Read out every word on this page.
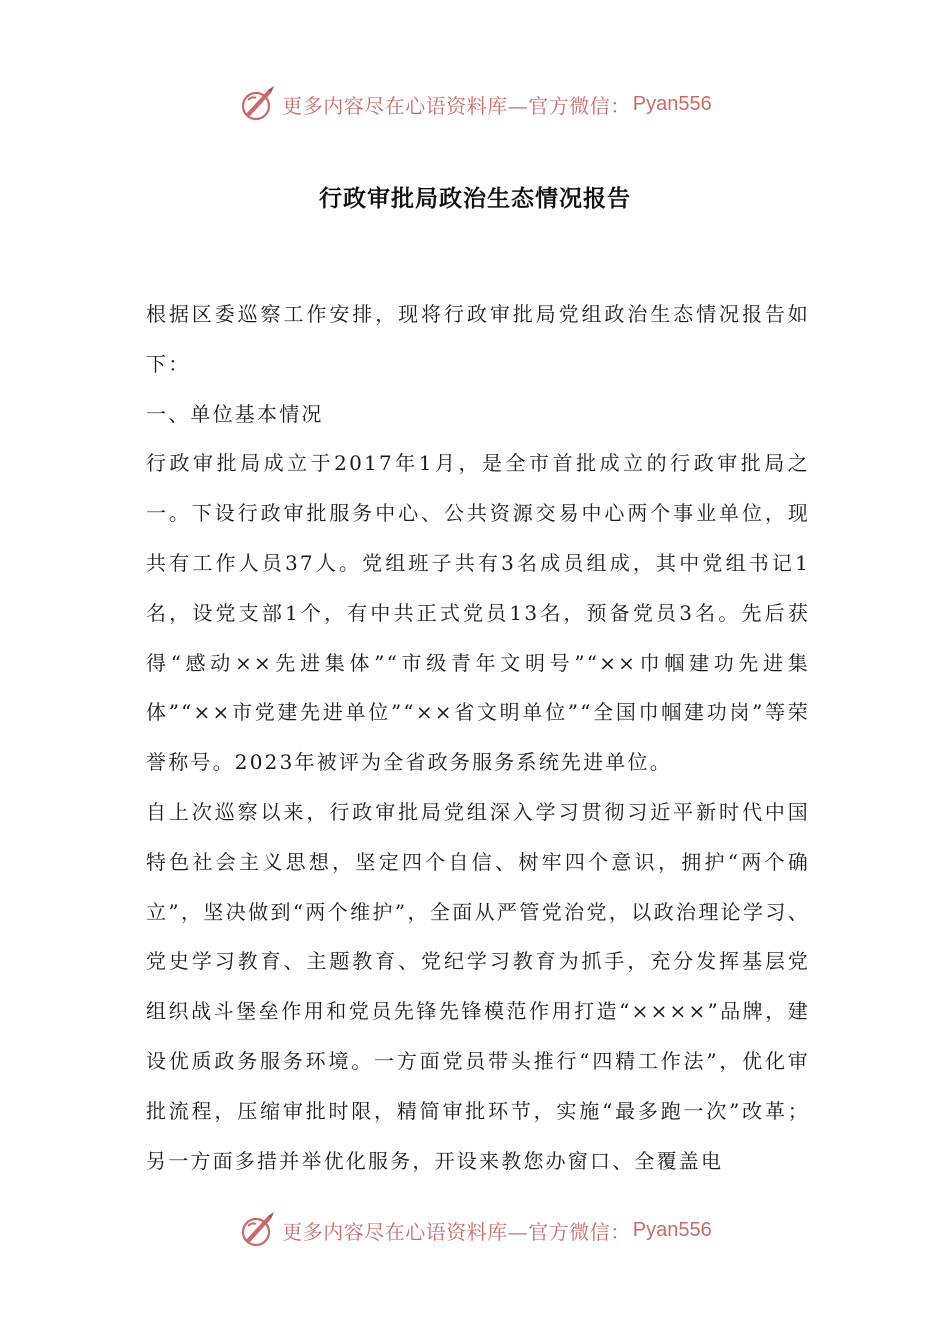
更多内容尽在心语资料库—官方微信： Pyan556
行政审批局政治生态情况报告

根据区委巡察工作安排，现将行政审批局党组政治生态情况报告如下：

一、单位基本情况

行政审批局成立于2017年1月，是全市首批成立的行政审批局之一。下设行政审批服务中心、公共资源交易中心两个事业单位，现共有工作人员37人。党组班子共有3名成员组成，其中党组书记1名，设党支部1个，有中共正式党员13名，预备党员3名。先后获得“感动××先进集体”“市级青年文明号”“××巾帼建功先进集体”“××市党建先进单位”“××省文明单位”“全国巾帼建功岗”等荣誉称号。2023年被评为全省政务服务系统先进单位。

自上次巡察以来，行政审批局党组深入学习贯彻习近平新时代中国特色社会主义思想，坚定四个自信、树牢四个意识，拥护“两个确立”，坚决做到“两个维护”，全面从严管党治党，以政治理论学习、党史学习教育、主题教育、党纪学习教育为抓手，充分发挥基层党组织战斗堡垒作用和党员先锋先锋模范作用打造“××××”品牌，建设优质政务服务环境。一方面党员带头推行“四精工作法”，优化审批流程，压缩审批时限，精简审批环节，实施“最多跑一次”改革；另一方面多措并举优化服务，开设来教您办窗口、全覆盖电

更多内容尽在心语资料库—官方微信： Pyan556
